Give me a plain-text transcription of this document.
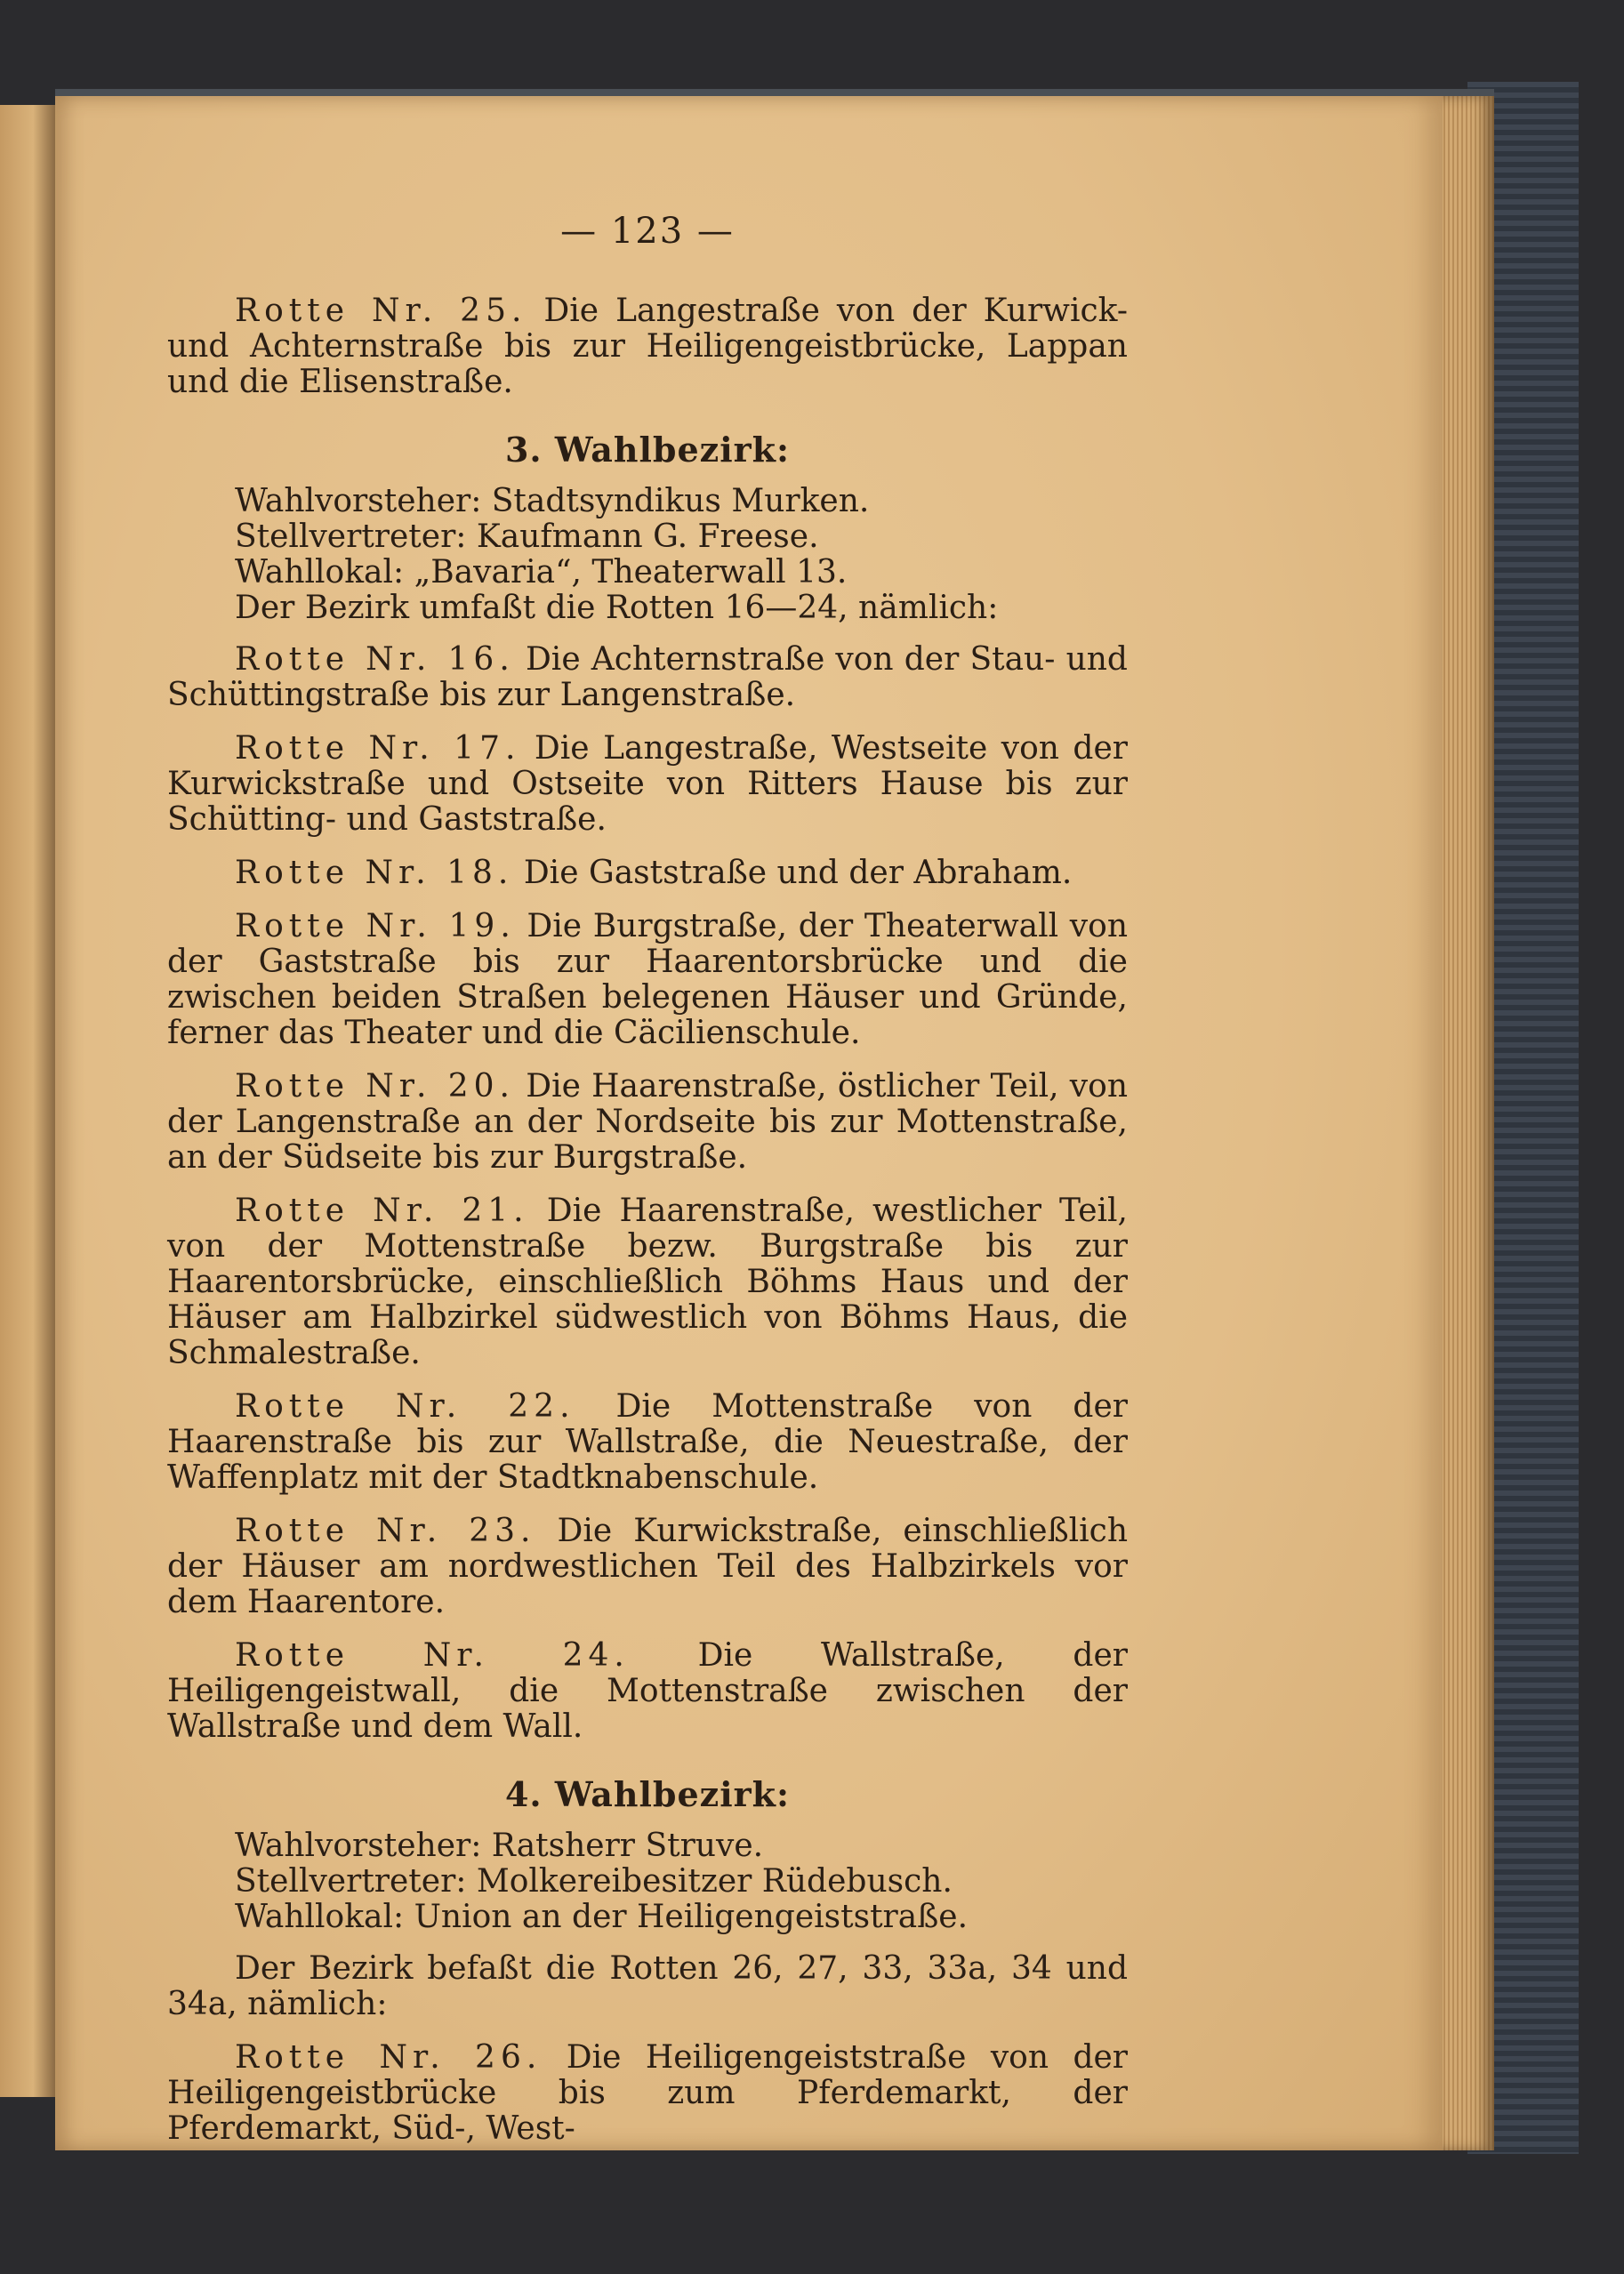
— 123 —

Rotte Nr. 25. Die Langestraße von der Kurwick- und Achternstraße bis zur Heiligengeistbrücke, Lappan und die Elisenstraße.

3. Wahlbezirk:

Wahlvorsteher: Stadtsyndikus Murken.

Stellvertreter: Kaufmann G. Freese.

Wahllokal: „Bavaria“, Theaterwall 13.

Der Bezirk umfaßt die Rotten 16—24, nämlich:

Rotte Nr. 16. Die Achternstraße von der Stau- und Schüttingstraße bis zur Langenstraße.

Rotte Nr. 17. Die Langestraße, Westseite von der Kurwickstraße und Ostseite von Ritters Hause bis zur Schütting- und Gaststraße.

Rotte Nr. 18. Die Gaststraße und der Abraham.

Rotte Nr. 19. Die Burgstraße, der Theaterwall von der Gaststraße bis zur Haarentorsbrücke und die zwischen beiden Straßen belegenen Häuser und Gründe, ferner das Theater und die Cäcilienschule.

Rotte Nr. 20. Die Haarenstraße, östlicher Teil, von der Langenstraße an der Nordseite bis zur Mottenstraße, an der Südseite bis zur Burgstraße.

Rotte Nr. 21. Die Haarenstraße, westlicher Teil, von der Mottenstraße bezw. Burgstraße bis zur Haarentorsbrücke, einschließlich Böhms Haus und der Häuser am Halbzirkel südwestlich von Böhms Haus, die Schmalestraße.

Rotte Nr. 22. Die Mottenstraße von der Haarenstraße bis zur Wallstraße, die Neuestraße, der Waffenplatz mit der Stadtknabenschule.

Rotte Nr. 23. Die Kurwickstraße, einschließlich der Häuser am nordwestlichen Teil des Halbzirkels vor dem Haarentore.

Rotte Nr. 24. Die Wallstraße, der Heiligengeistwall, die Mottenstraße zwischen der Wallstraße und dem Wall.

4. Wahlbezirk:

Wahlvorsteher: Ratsherr Struve.

Stellvertreter: Molkereibesitzer Rüdebusch.

Wahllokal: Union an der Heiligengeiststraße.

Der Bezirk befaßt die Rotten 26, 27, 33, 33a, 34 und 34a, nämlich:

Rotte Nr. 26. Die Heiligengeiststraße von der Heiligengeistbrücke bis zum Pferdemarkt, der Pferdemarkt, Süd-, West-
